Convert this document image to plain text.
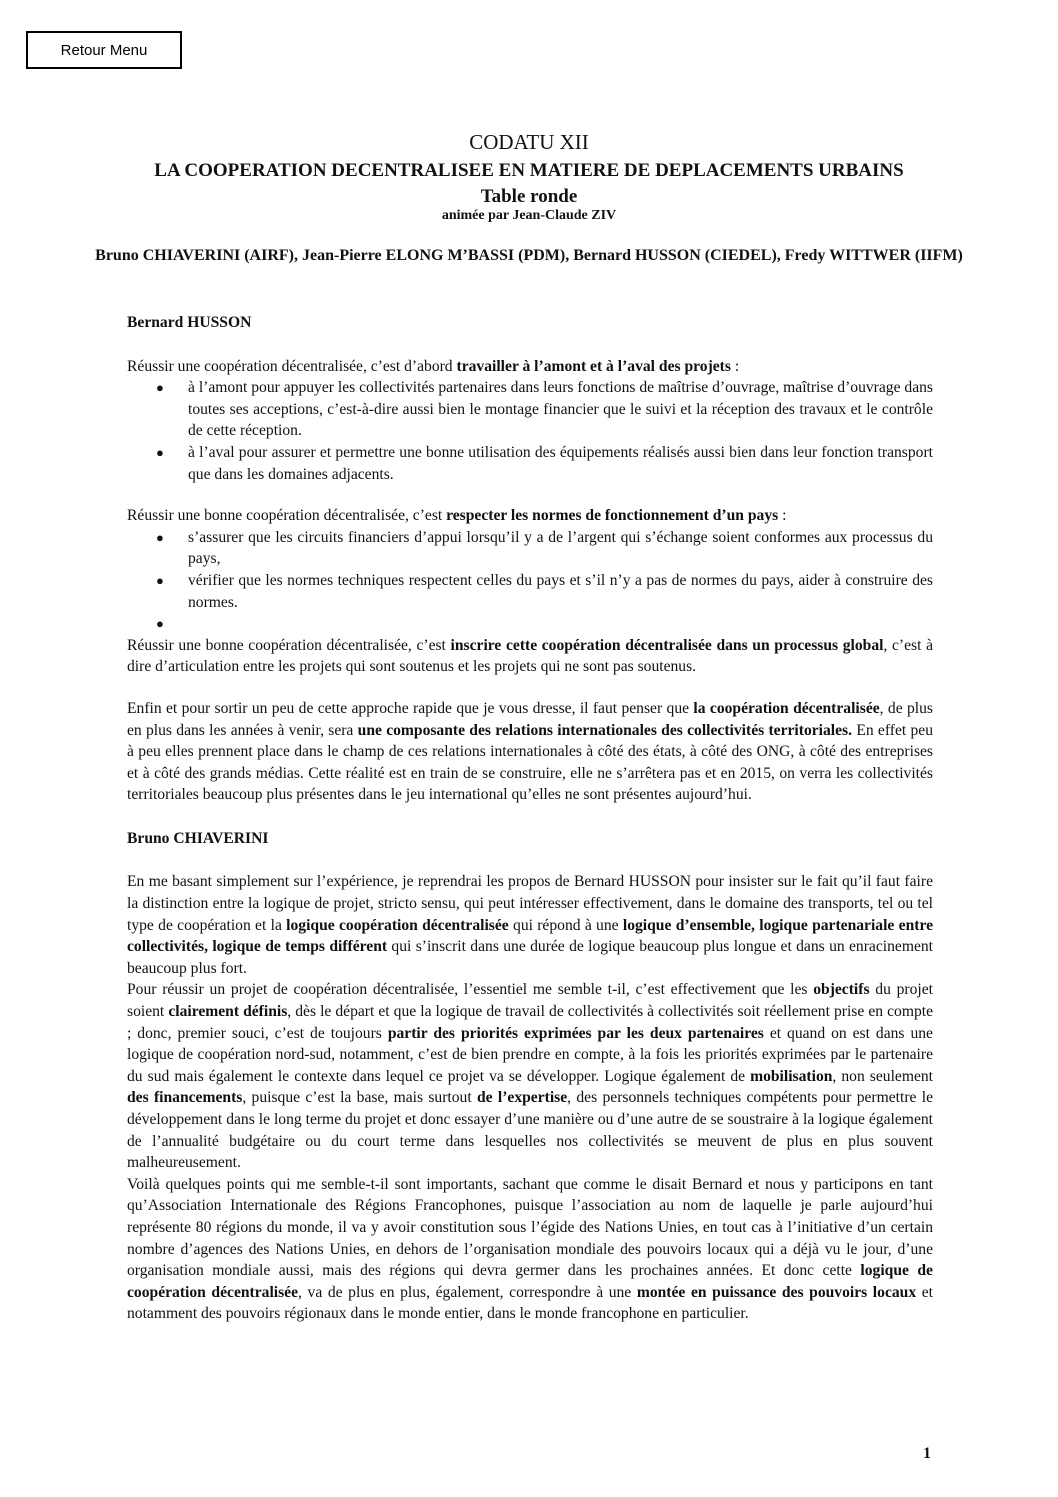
Retour Menu
CODATU XII
LA COOPERATION DECENTRALISEE EN MATIERE DE DEPLACEMENTS URBAINS
Table ronde
animée par Jean-Claude ZIV
Bruno CHIAVERINI (AIRF), Jean-Pierre ELONG M’BASSI (PDM), Bernard HUSSON (CIEDEL), Fredy WITTWER (IIFM)

Bernard HUSSON

Réussir une coopération décentralisée, c’est d’abord travailler à l’amont et à l’aval des projets :

● à l’amont pour appuyer les collectivités partenaires dans leurs fonctions de maîtrise d’ouvrage, maîtrise d’ouvrage dans toutes ses acceptions, c’est-à-dire aussi bien le montage financier que le suivi et la réception des travaux et le contrôle de cette réception.
● à l’aval pour assurer et permettre une bonne utilisation des équipements réalisés aussi bien dans leur fonction transport que dans les domaines adjacents.

Réussir une bonne coopération décentralisée, c’est respecter les normes de fonctionnement d’un pays :

● s’assurer que les circuits financiers d’appui lorsqu’il y a de l’argent qui s’échange soient conformes aux processus du pays,
● vérifier que les normes techniques respectent celles du pays et s’il n’y a pas de normes du pays, aider à construire des normes.
●

Réussir une bonne coopération décentralisée, c’est inscrire cette coopération décentralisée dans un processus global, c’est à dire d’articulation entre les projets qui sont soutenus et les projets qui ne sont pas soutenus.

Enfin et pour sortir un peu de cette approche rapide que je vous dresse, il faut penser que la coopération décentralisée, de plus en plus dans les années à venir, sera une composante des relations internationales des collectivités territoriales. En effet peu à peu elles prennent place dans le champ de ces relations internationales à côté des états, à côté des ONG, à côté des entreprises et à côté des grands médias. Cette réalité est en train de se construire, elle ne s’arrêtera pas et en 2015, on verra les collectivités territoriales beaucoup plus présentes dans le jeu international qu’elles ne sont présentes aujourd’hui.

Bruno CHIAVERINI

En me basant simplement sur l’expérience, je reprendrai les propos de Bernard HUSSON pour insister sur le fait qu’il faut faire la distinction entre la logique de projet, stricto sensu, qui peut intéresser effectivement, dans le domaine des transports, tel ou tel type de coopération et la logique coopération décentralisée qui répond à une logique d’ensemble, logique partenariale entre collectivités, logique de temps différent qui s’inscrit dans une durée de logique beaucoup plus longue et dans un enracinement beaucoup plus fort.

Pour réussir un projet de coopération décentralisée, l’essentiel me semble t-il, c’est effectivement que les objectifs du projet soient clairement définis, dès le départ et que la logique de travail de collectivités à collectivités soit réellement prise en compte ; donc, premier souci, c’est de toujours partir des priorités exprimées par les deux partenaires et quand on est dans une logique de coopération nord-sud, notamment, c’est de bien prendre en compte, à la fois les priorités exprimées par le partenaire du sud mais également le contexte dans lequel ce projet va se développer. Logique également de mobilisation, non seulement des financements, puisque c’est la base, mais surtout de l’expertise, des personnels techniques compétents pour permettre le développement dans le long terme du projet et donc essayer d’une manière ou d’une autre de se soustraire à la logique également de l’annualité budgétaire ou du court terme dans lesquelles nos collectivités se meuvent de plus en plus souvent malheureusement.

Voilà quelques points qui me semble-t-il sont importants, sachant que comme le disait Bernard et nous y participons en tant qu’Association Internationale des Régions Francophones, puisque l’association au nom de laquelle je parle aujourd’hui représente 80 régions du monde, il va y avoir constitution sous l’égide des Nations Unies, en tout cas à l’initiative d’un certain nombre d’agences des Nations Unies, en dehors de l’organisation mondiale des pouvoirs locaux qui a déjà vu le jour, d’une organisation mondiale aussi, mais des régions qui devra germer dans les prochaines années. Et donc cette logique de coopération décentralisée, va de plus en plus, également, correspondre à une montée en puissance des pouvoirs locaux et notamment des pouvoirs régionaux dans le monde entier, dans le monde francophone en particulier.

1
